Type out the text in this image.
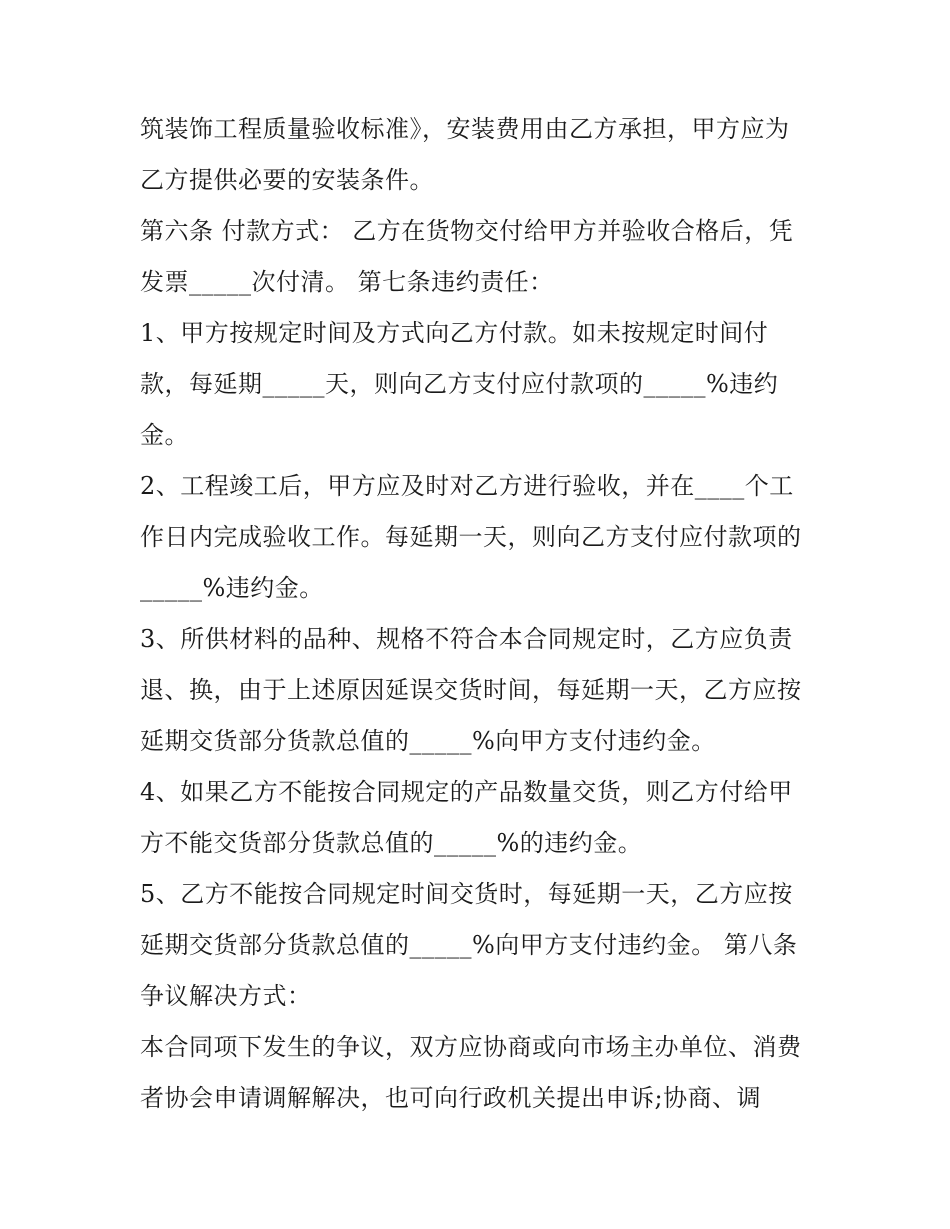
筑装饰工程质量验收标准》，安装费用由乙方承担，甲方应为
乙方提供必要的安装条件。
第六条 付款方式： 乙方在货物交付给甲方并验收合格后，凭
发票_____次付清。 第七条违约责任：
1、甲方按规定时间及方式向乙方付款。如未按规定时间付
款，每延期_____天，则向乙方支付应付款项的_____%违约
金。
2、工程竣工后，甲方应及时对乙方进行验收，并在____个工
作日内完成验收工作。每延期一天，则向乙方支付应付款项的
_____%违约金。
3、所供材料的品种、规格不符合本合同规定时，乙方应负责
退、换，由于上述原因延误交货时间，每延期一天，乙方应按
延期交货部分货款总值的_____%向甲方支付违约金。
4、如果乙方不能按合同规定的产品数量交货，则乙方付给甲
方不能交货部分货款总值的_____%的违约金。
5、乙方不能按合同规定时间交货时，每延期一天，乙方应按
延期交货部分货款总值的_____%向甲方支付违约金。 第八条
争议解决方式：
本合同项下发生的争议，双方应协商或向市场主办单位、消费
者协会申请调解解决，也可向行政机关提出申诉;协商、调
